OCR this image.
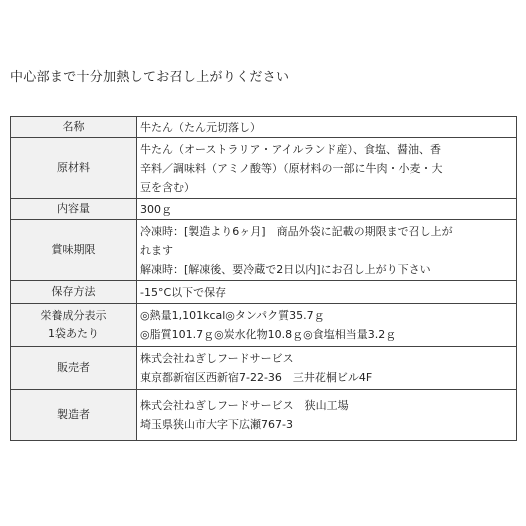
中心部まで十分加熱してお召し上がりください
名称	牛たん（たん元切落し）

原材料	牛たん（オーストラリア・アイルランド産）、食塩、醤油、香
辛料／調味料（アミノ酸等）（原材料の一部に牛肉・小麦・大
豆を含む）

内容量	300ｇ

賞味期限	冷凍時：[製造より6ヶ月]　商品外袋に記載の期限まで召し上が
れます
解凍時：[解凍後、要冷蔵で2日以内]にお召し上がり下さい

保存方法	-15°C以下で保存

栄養成分表示
1袋あたり	◎熱量1,101kcal◎タンパク質35.7ｇ
◎脂質101.7ｇ◎炭水化物10.8ｇ◎食塩相当量3.2ｇ

販売者	株式会社ねぎしフードサービス
東京都新宿区西新宿7-22-36　三井花桐ビル4F

製造者	株式会社ねぎしフードサービス　狭山工場
埼玉県狭山市大字下広瀬767-3
